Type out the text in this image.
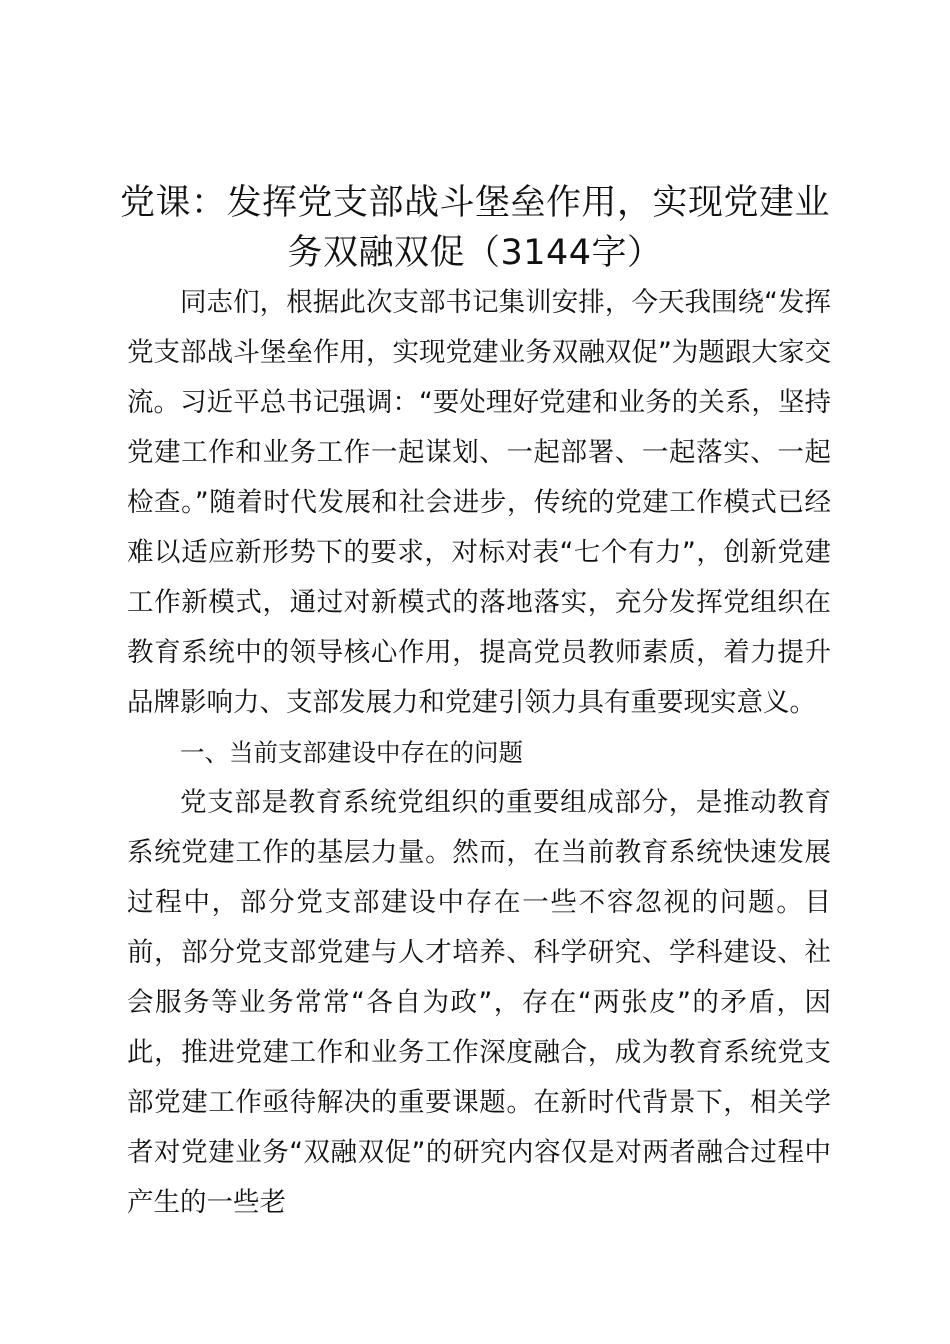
党课：发挥党支部战斗堡垒作用，实现党建业务双融双促（3144字）

同志们，根据此次支部书记集训安排，今天我围绕“发挥党支部战斗堡垒作用，实现党建业务双融双促”为题跟大家交流。习近平总书记强调：“要处理好党建和业务的关系，坚持党建工作和业务工作一起谋划、一起部署、一起落实、一起检查。”随着时代发展和社会进步，传统的党建工作模式已经难以适应新形势下的要求，对标对表“七个有力”，创新党建工作新模式，通过对新模式的落地落实，充分发挥党组织在教育系统中的领导核心作用，提高党员教师素质，着力提升品牌影响力、支部发展力和党建引领力具有重要现实意义。

一、当前支部建设中存在的问题

党支部是教育系统党组织的重要组成部分，是推动教育系统党建工作的基层力量。然而，在当前教育系统快速发展过程中，部分党支部建设中存在一些不容忽视的问题。目前，部分党支部党建与人才培养、科学研究、学科建设、社会服务等业务常常“各自为政”，存在“两张皮”的矛盾，因此，推进党建工作和业务工作深度融合，成为教育系统党支部党建工作亟待解决的重要课题。在新时代背景下，相关学者对党建业务“双融双促”的研究内容仅是对两者融合过程中产生的一些老
